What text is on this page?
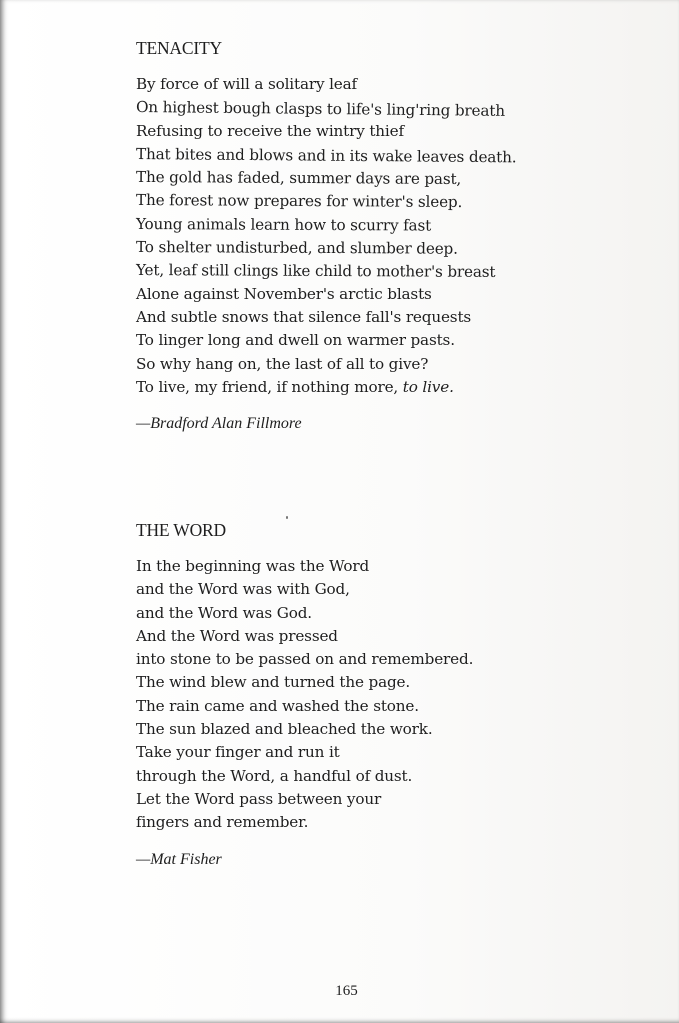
TENACITY
By force of will a solitary leaf
On highest bough clasps to life's ling'ring breath
Refusing to receive the wintry thief
That bites and blows and in its wake leaves death.
The gold has faded, summer days are past,
The forest now prepares for winter's sleep.
Young animals learn how to scurry fast
To shelter undisturbed, and slumber deep.
Yet, leaf still clings like child to mother's breast
Alone against November's arctic blasts
And subtle snows that silence fall's requests
To linger long and dwell on warmer pasts.
So why hang on, the last of all to give?
To live, my friend, if nothing more, to live.
—Bradford Alan Fillmore
THE WORD
In the beginning was the Word
and the Word was with God,
and the Word was God.
And the Word was pressed
into stone to be passed on and remembered.
The wind blew and turned the page.
The rain came and washed the stone.
The sun blazed and bleached the work.
Take your finger and run it
through the Word, a handful of dust.
Let the Word pass between your
fingers and remember.
—Mat Fisher
165
